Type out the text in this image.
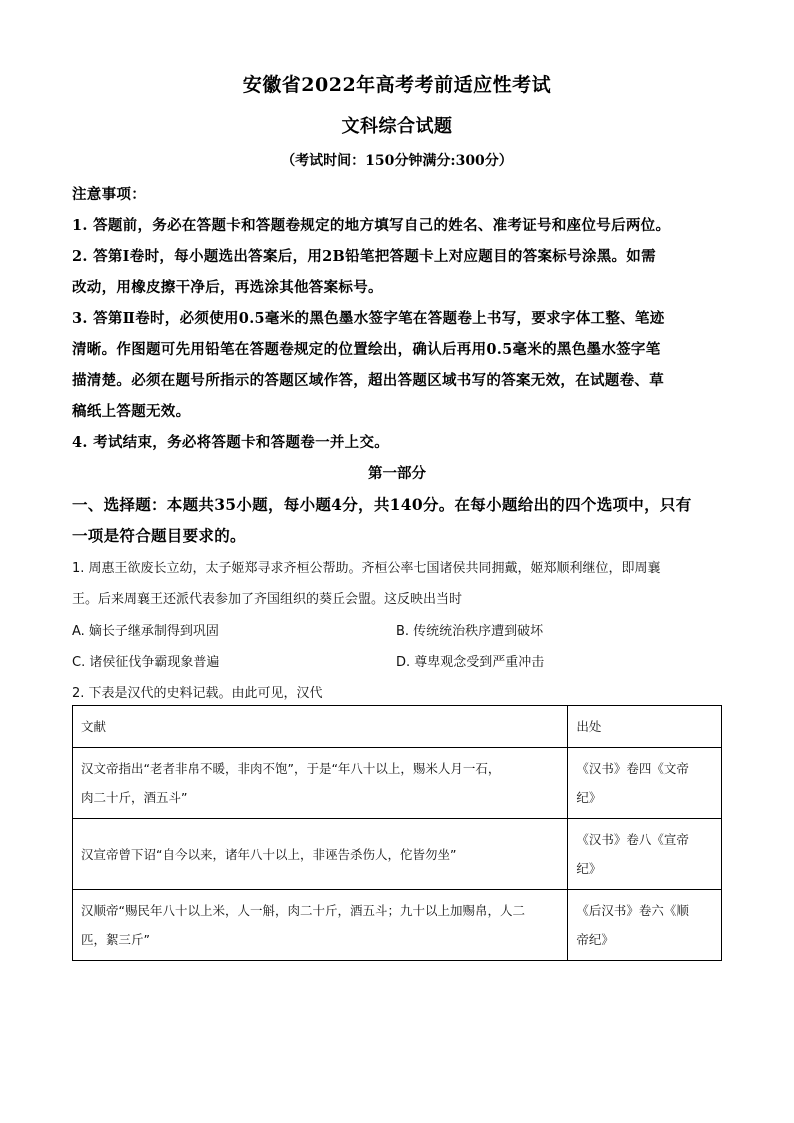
安徽省2022年高考考前适应性考试
文科综合试题
（考试时间：150分钟满分:300分）
注意事项：
1. 答题前，务必在答题卡和答题卷规定的地方填写自己的姓名、准考证号和座位号后两位。
2. 答第Ⅰ卷时，每小题选出答案后，用2B铅笔把答题卡上对应题目的答案标号涂黑。如需
改动，用橡皮擦干净后，再选涂其他答案标号。
3. 答第Ⅱ卷时，必须使用0.5毫米的黑色墨水签字笔在答题卷上书写，要求字体工整、笔迹
清晰。作图题可先用铅笔在答题卷规定的位置绘出，确认后再用0.5毫米的黑色墨水签字笔
描清楚。必须在题号所指示的答题区域作答，超出答题区域书写的答案无效，在试题卷、草
稿纸上答题无效。
4. 考试结束，务必将答题卡和答题卷一并上交。
第一部分
一、选择题：本题共35小题，每小题4分，共140分。在每小题给出的四个选项中，只有
一项是符合题目要求的。
1. 周惠王欲废长立幼，太子姬郑寻求齐桓公帮助。齐桓公率七国诸侯共同拥戴，姬郑顺利继位，即周襄
王。后来周襄王还派代表参加了齐国组织的葵丘会盟。这反映出当时
A. 嫡长子继承制得到巩固	B. 传统统治秩序遭到破坏
C. 诸侯征伐争霸现象普遍	D. 尊卑观念受到严重冲击
2. 下表是汉代的史料记载。由此可见，汉代
文献	出处
汉文帝指出“老者非帛不暖，非肉不饱”，于是“年八十以上，赐米人月一石，
肉二十斤，酒五斗”	《汉书》卷四《文帝
纪》
汉宣帝曾下诏“自今以来，诸年八十以上，非诬告杀伤人，佗皆勿坐”	《汉书》卷八《宣帝
纪》
汉顺帝“赐民年八十以上米，人一斛，肉二十斤，酒五斗；九十以上加赐帛，人二
匹，絮三斤”	《后汉书》卷六《顺
帝纪》
